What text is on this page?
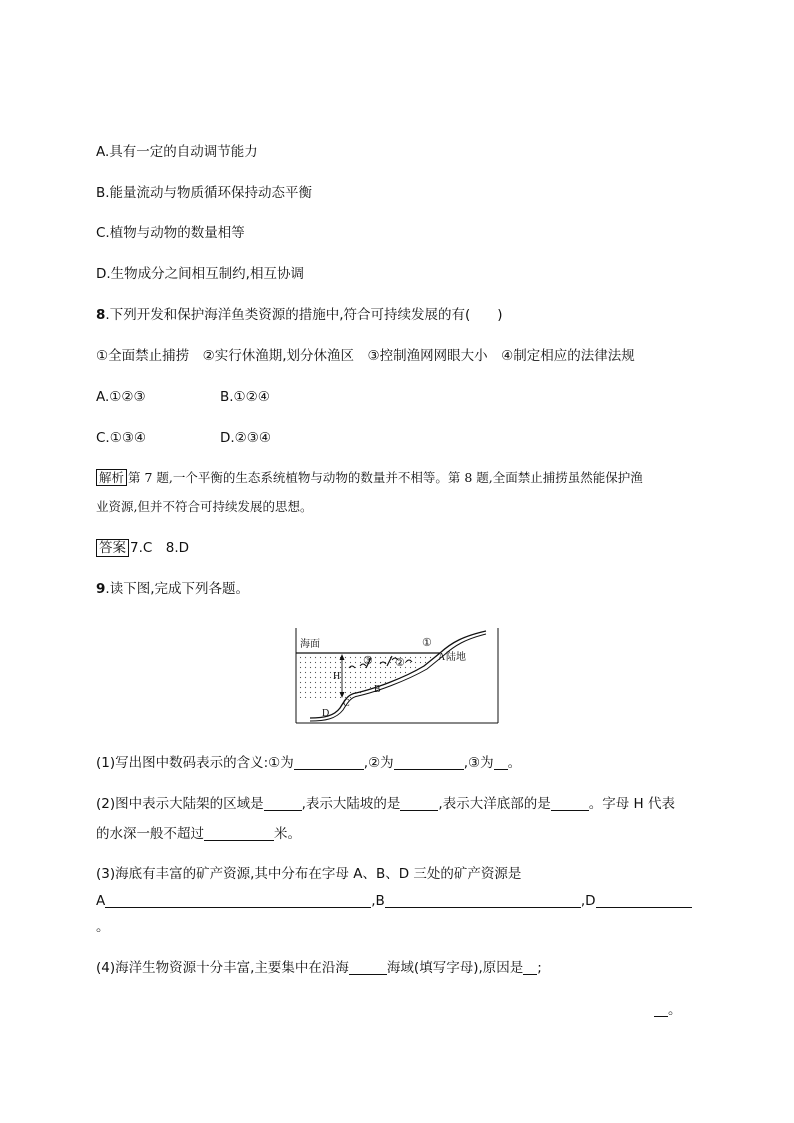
A.具有一定的自动调节能力
B.能量流动与物质循环保持动态平衡
C.植物与动物的数量相等
D.生物成分之间相互制约,相互协调
8.下列开发和保护海洋鱼类资源的措施中,符合可持续发展的有(　　)
①全面禁止捕捞　②实行休渔期,划分休渔区　③控制渔网网眼大小　④制定相应的法律法规
A.①②③	B.①②④
C.①③④	D.②③④
解析 第 7 题,一个平衡的生态系统植物与动物的数量并不相等。第 8 题,全面禁止捕捞虽然能保护渔
业资源,但并不符合可持续发展的思想。
答案 7.C　8.D
9.读下图,完成下列各题。
海面
陆地
①
②
③	A
B
C
D
H
(1)写出图中数码表示的含义:①为	,②为	,③为 。
(2)图中表示大陆架的区域是	,表示大陆坡的是	,表示大洋底部的是	。字母 H 代表
的水深一般不超过	米。
(3)海底有丰富的矿产资源,其中分布在字母 A、B、D 三处的矿产资源是
A	,B	,D
。
(4)海洋生物资源十分丰富,主要集中在沿海	海域(填写字母),原因是 ;
。
